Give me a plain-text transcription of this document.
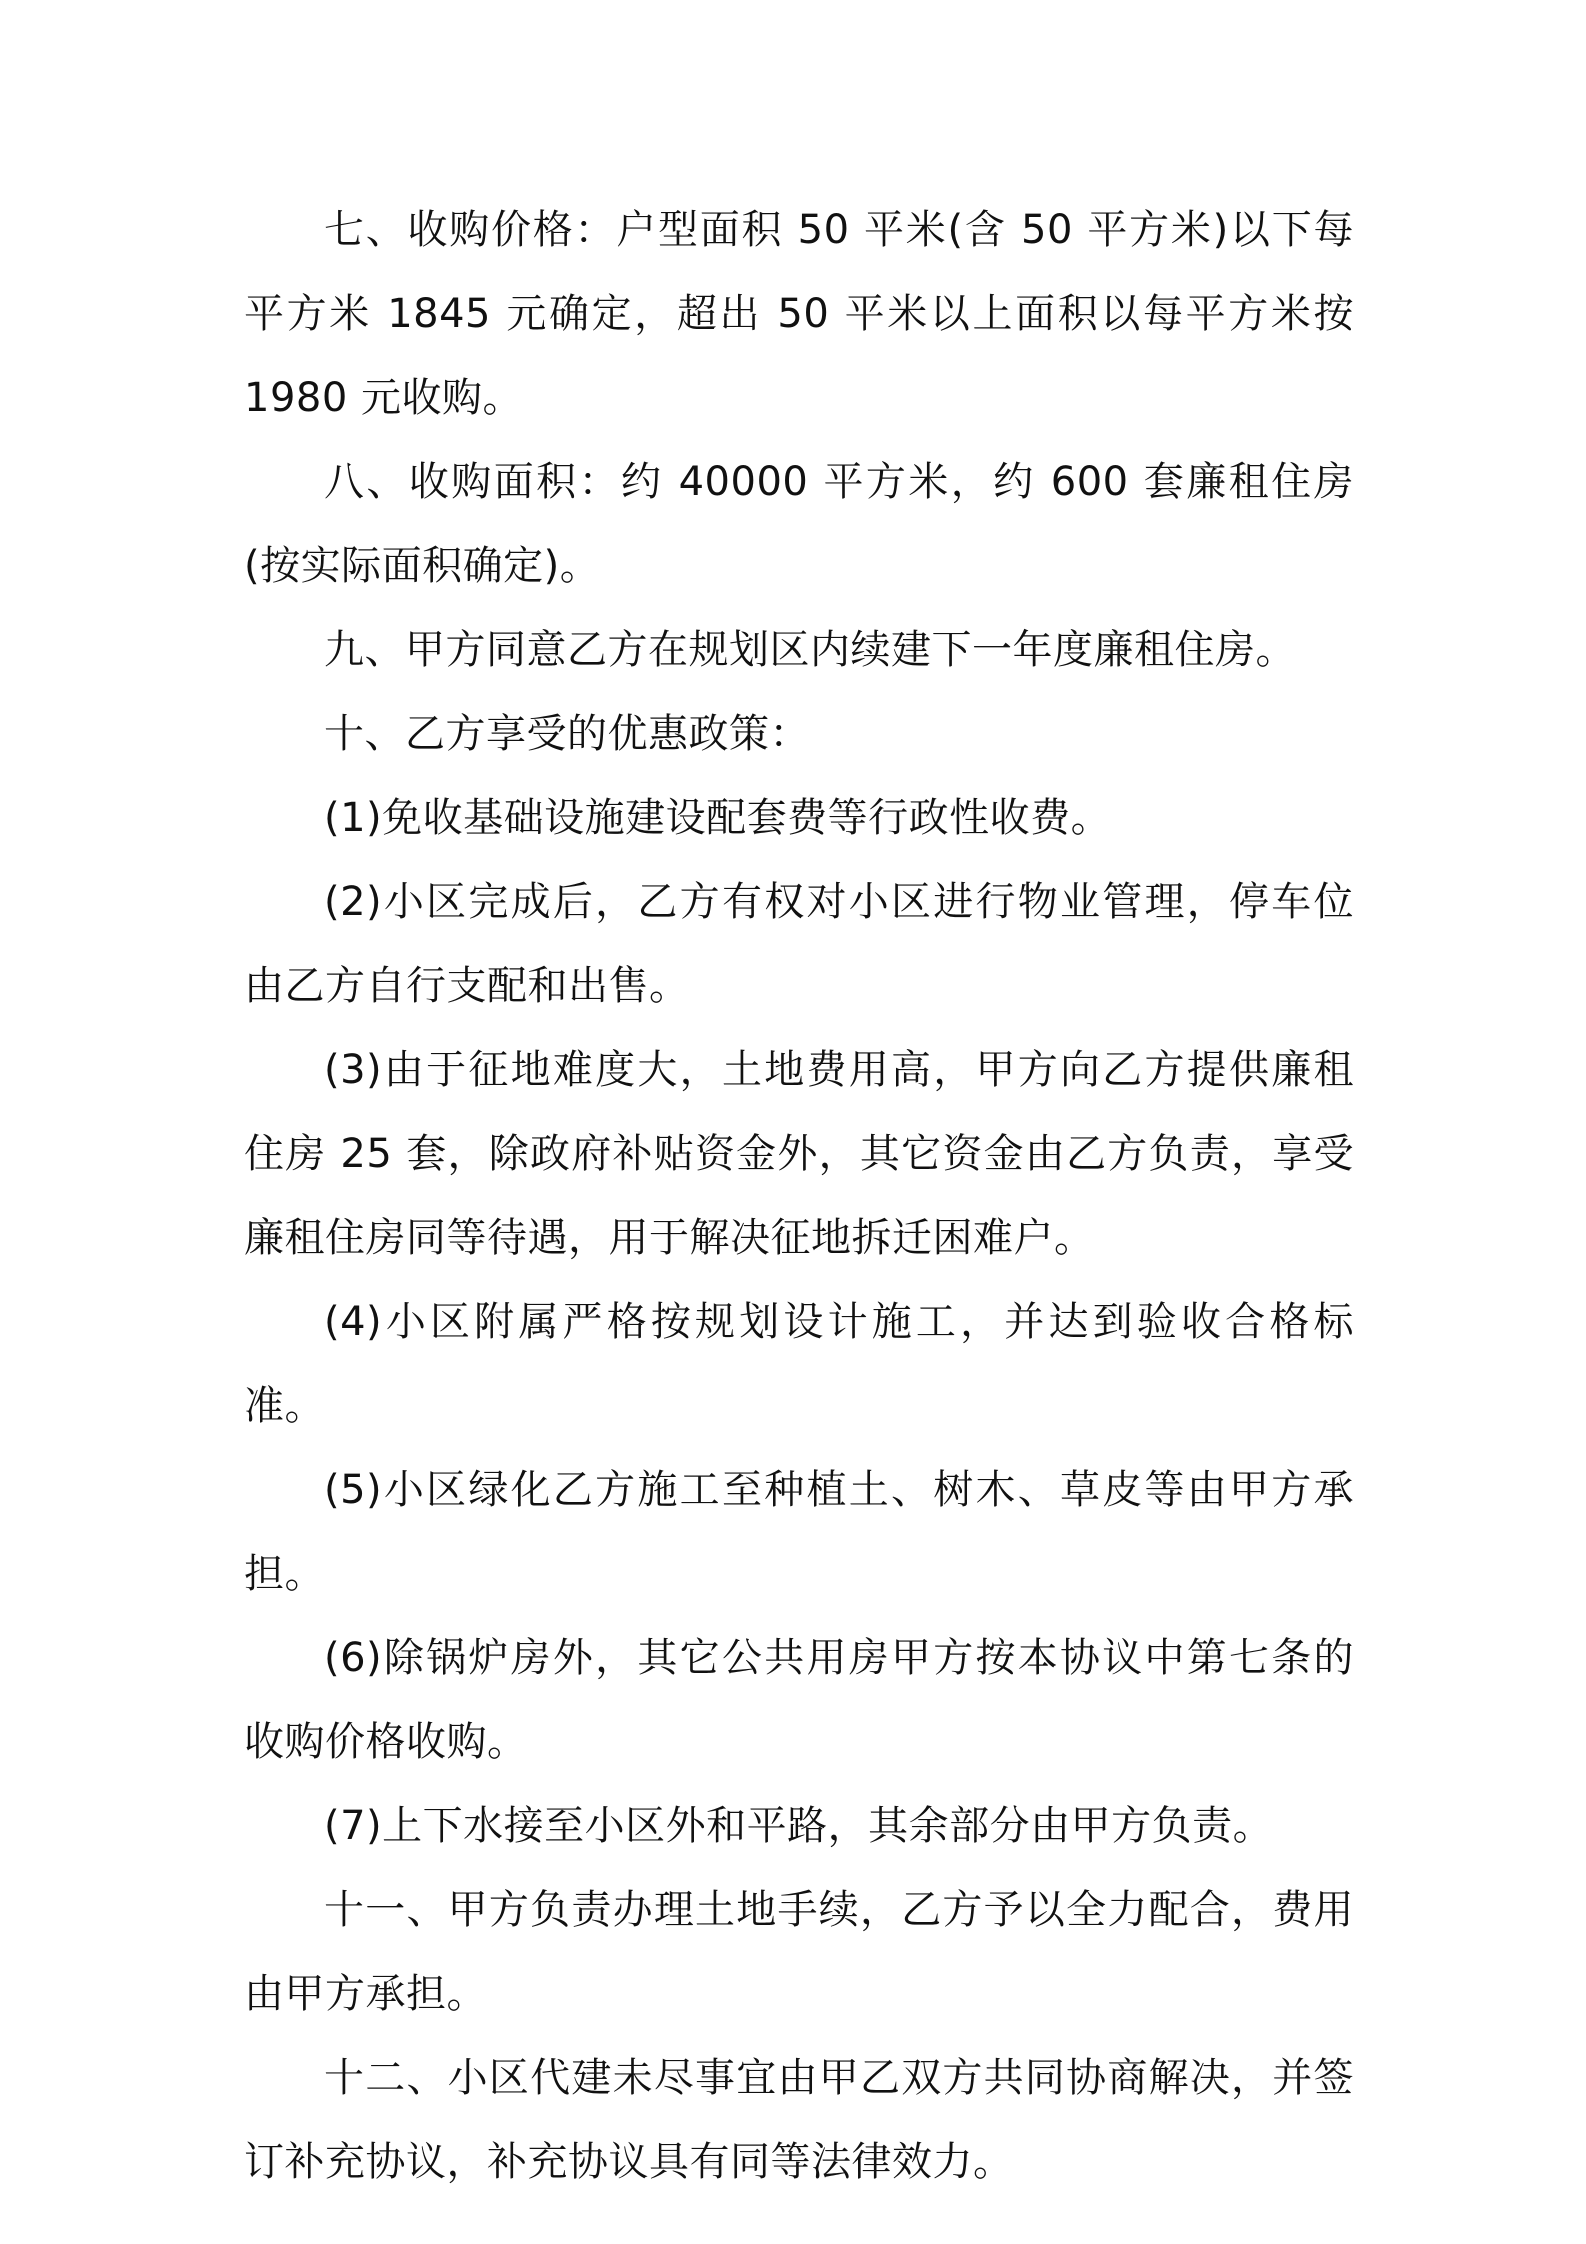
七、收购价格：户型面积 50 平米(含 50 平方米)以下每平方米 1845 元确定，超出 50 平米以上面积以每平方米按 1980 元收购。

八、收购面积：约 40000 平方米，约 600 套廉租住房(按实际面积确定)。

九、甲方同意乙方在规划区内续建下一年度廉租住房。

十、乙方享受的优惠政策：

(1)免收基础设施建设配套费等行政性收费。

(2)小区完成后，乙方有权对小区进行物业管理，停车位由乙方自行支配和出售。

(3)由于征地难度大，土地费用高，甲方向乙方提供廉租住房 25 套，除政府补贴资金外，其它资金由乙方负责，享受廉租住房同等待遇，用于解决征地拆迁困难户。

(4)小区附属严格按规划设计施工，并达到验收合格标准。

(5)小区绿化乙方施工至种植土、树木、草皮等由甲方承担。

(6)除锅炉房外，其它公共用房甲方按本协议中第七条的收购价格收购。

(7)上下水接至小区外和平路，其余部分由甲方负责。

十一、甲方负责办理土地手续，乙方予以全力配合，费用由甲方承担。

十二、小区代建未尽事宜由甲乙双方共同协商解决，并签订补充协议，补充协议具有同等法律效力。
